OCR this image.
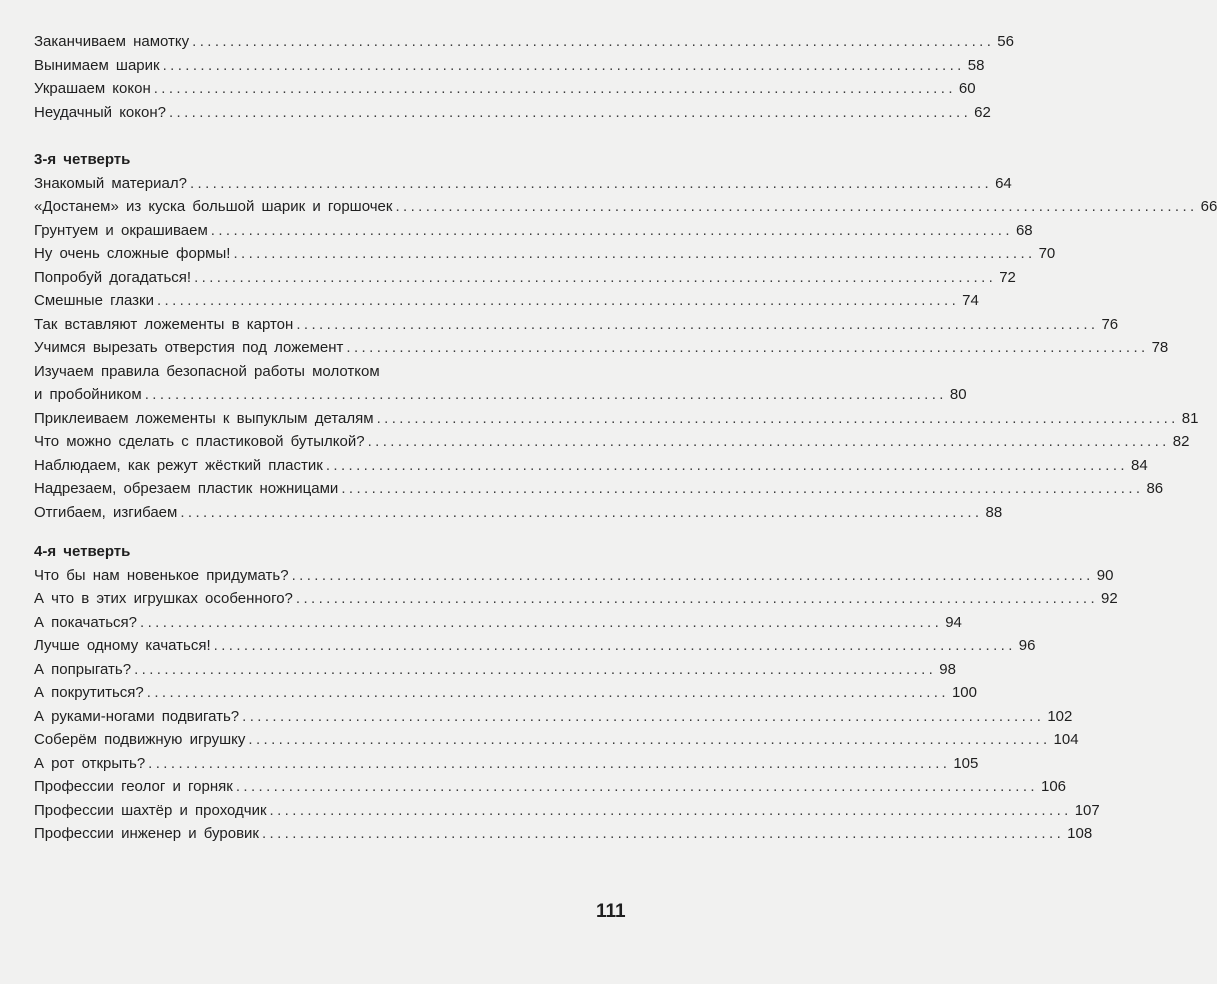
Заканчиваем намотку .......................................................................................................... 56
Вынимаем шарик .......................................................................................................... 58
Украшаем кокон .......................................................................................................... 60
Неудачный кокон? .......................................................................................................... 62
3-я четверть
Знакомый материал? .......................................................................................................... 64
«Достанем» из куска большой шарик и горшочек .......................................................................................................... 66
Грунтуем и окрашиваем .......................................................................................................... 68
Ну очень сложные формы! .......................................................................................................... 70
Попробуй догадаться! .......................................................................................................... 72
Смешные глазки .......................................................................................................... 74
Так вставляют ложементы в картон .......................................................................................................... 76
Учимся вырезать отверстия под ложемент .......................................................................................................... 78
Изучаем правила безопасной работы молотком
и пробойником .......................................................................................................... 80
Приклеиваем ложементы к выпуклым деталям .......................................................................................................... 81
Что можно сделать с пластиковой бутылкой? .......................................................................................................... 82
Наблюдаем, как режут жёсткий пластик .......................................................................................................... 84
Надрезаем, обрезаем пластик ножницами .......................................................................................................... 86
Отгибаем, изгибаем .......................................................................................................... 88
4-я четверть
Что бы нам новенькое придумать? .......................................................................................................... 90
А что в этих игрушках особенного? .......................................................................................................... 92
А покачаться? .......................................................................................................... 94
Лучше одному качаться! .......................................................................................................... 96
А попрыгать? .......................................................................................................... 98
А покрутиться? .......................................................................................................... 100
А руками-ногами подвигать? .......................................................................................................... 102
Соберём подвижную игрушку .......................................................................................................... 104
А рот открыть? .......................................................................................................... 105
Профессии геолог и горняк .......................................................................................................... 106
Профессии шахтёр и проходчик .......................................................................................................... 107
Профессии инженер и буровик .......................................................................................................... 108
111
